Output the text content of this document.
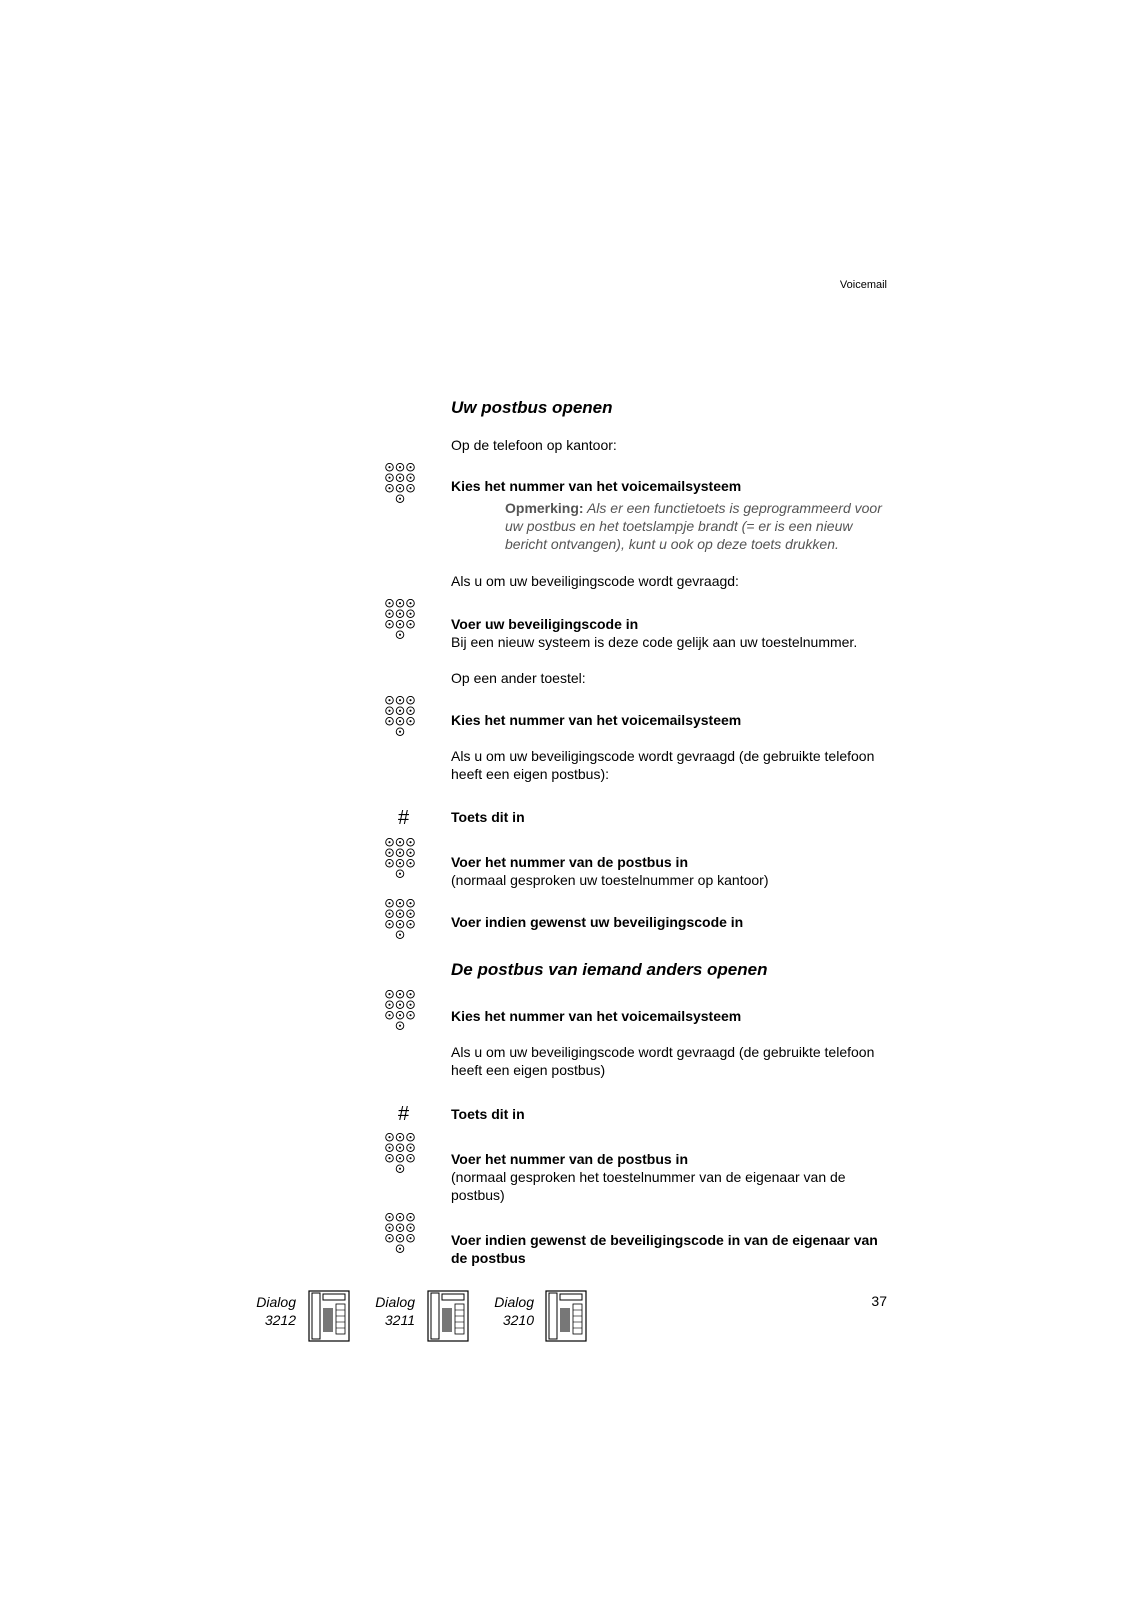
Voicemail
Uw postbus openen
Op de telefoon op kantoor:
Kies het nummer van het voicemailsysteem
Opmerking: Als er een functietoets is geprogrammeerd voor uw postbus en het toetslampje brandt (= er is een nieuw bericht ontvangen), kunt u ook op deze toets drukken.
Als u om uw beveiligingscode wordt gevraagd:
Voer uw beveiligingscode in
Bij een nieuw systeem is deze code gelijk aan uw toestelnummer.
Op een ander toestel:
Kies het nummer van het voicemailsysteem
Als u om uw beveiligingscode wordt gevraagd (de gebruikte telefoon heeft een eigen postbus):
#	Toets dit in
Voer het nummer van de postbus in
(normaal gesproken uw toestelnummer op kantoor)
Voer indien gewenst uw beveiligingscode in
De postbus van iemand anders openen
Kies het nummer van het voicemailsysteem
Als u om uw beveiligingscode wordt gevraagd (de gebruikte telefoon heeft een eigen postbus)
#	Toets dit in
Voer het nummer van de postbus in
(normaal gesproken het toestelnummer van de eigenaar van de postbus)
Voer indien gewenst de beveiligingscode in van de eigenaar van de postbus
Dialog
3212
Dialog
3211
Dialog
3210
37
